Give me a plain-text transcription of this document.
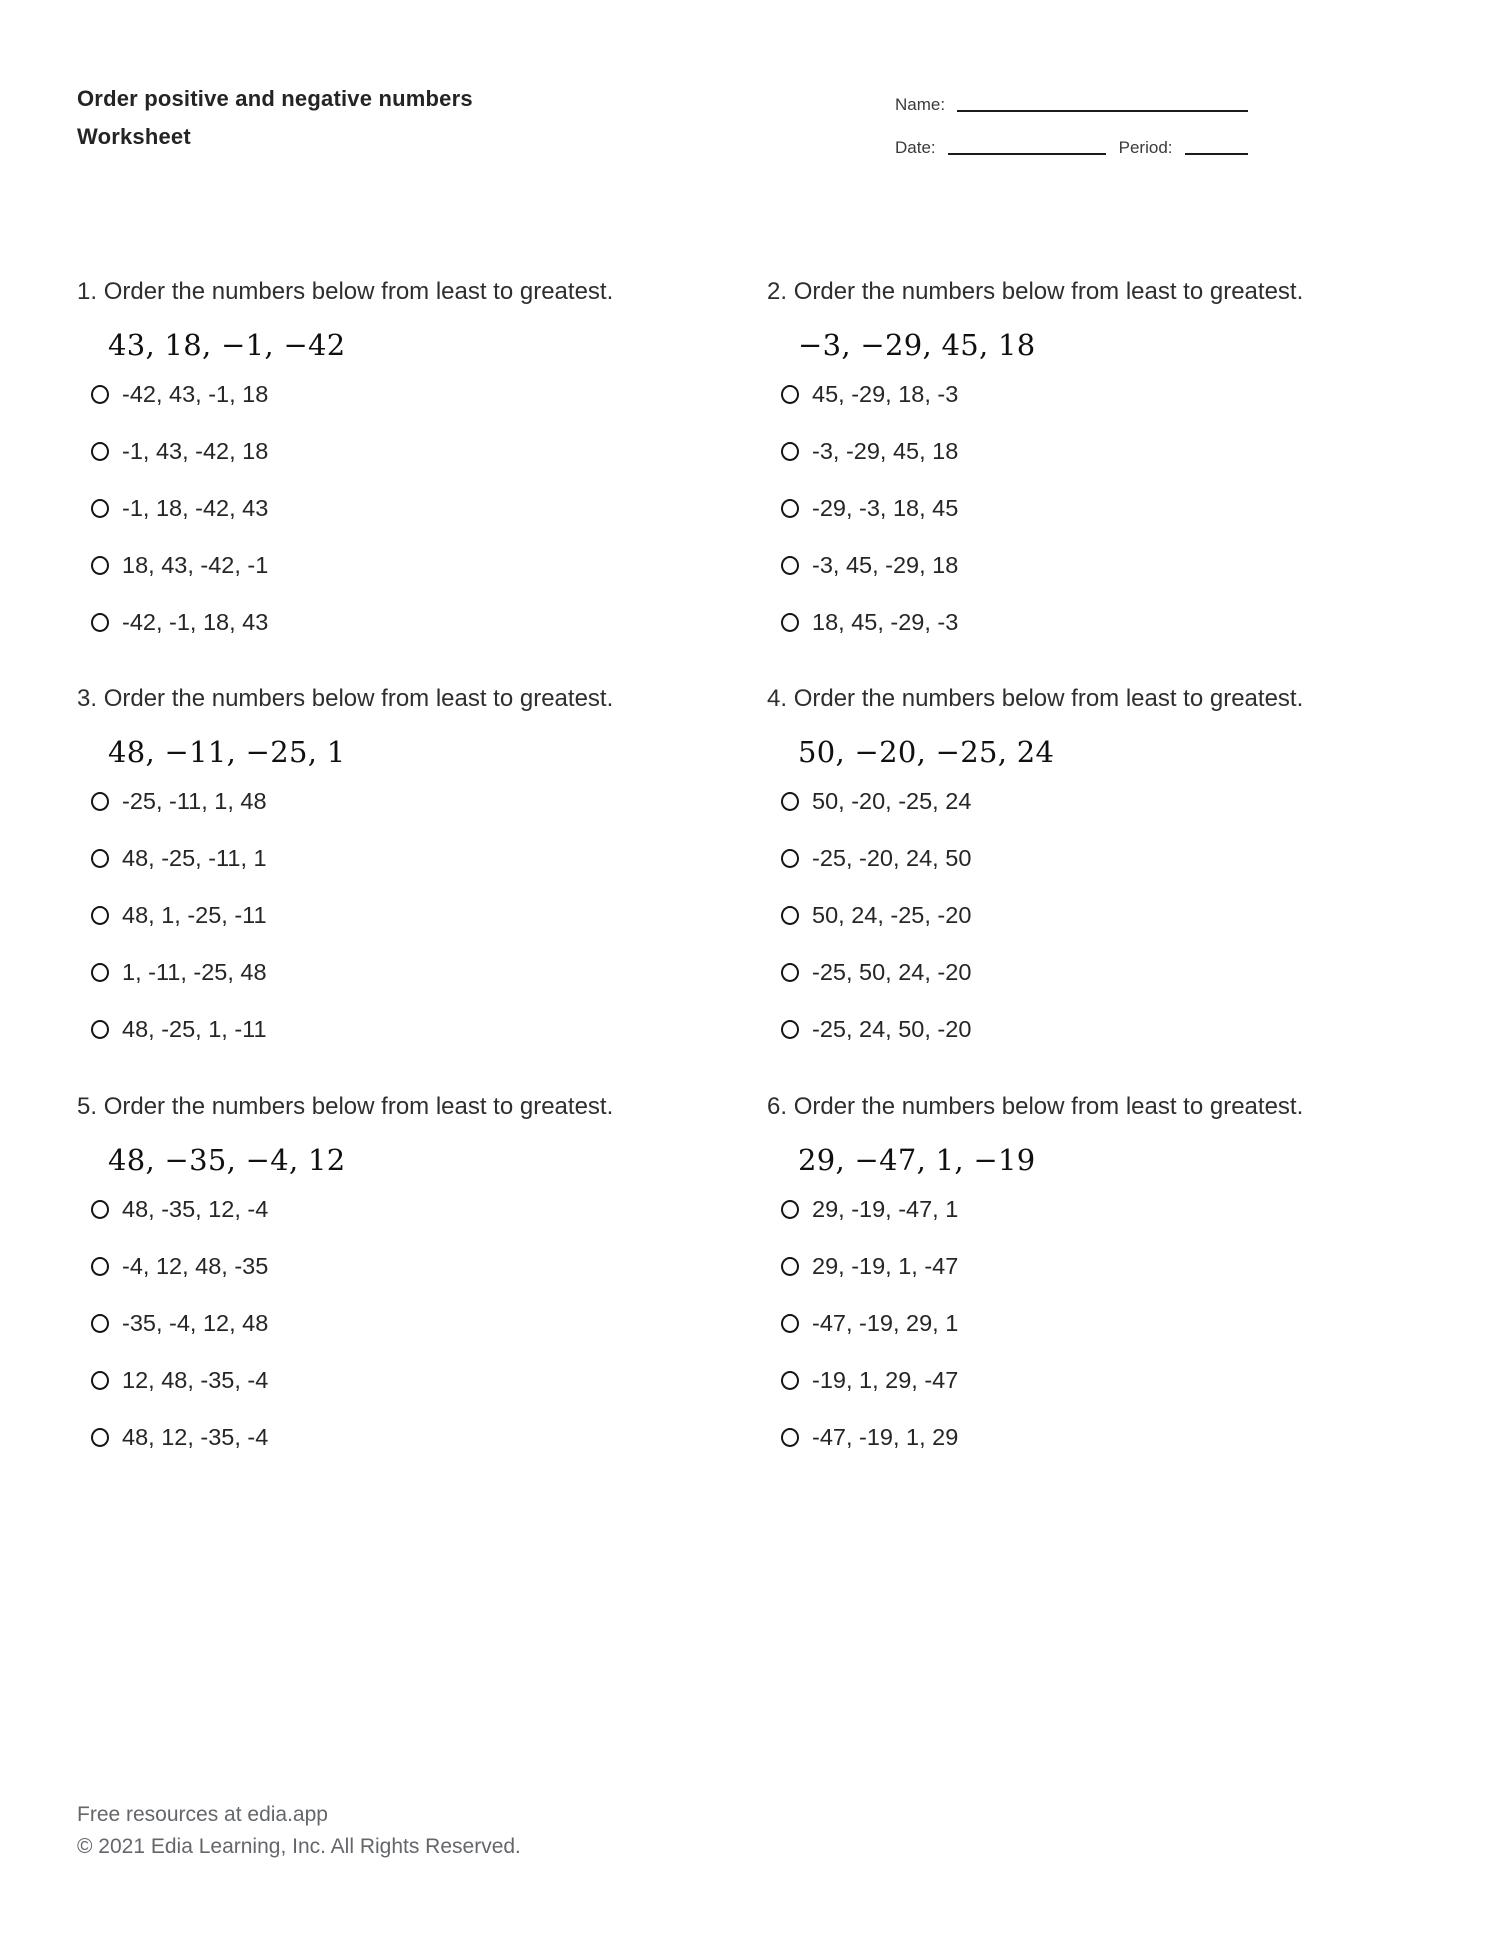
Order positive and negative numbers
Worksheet
Name:
Date:	Period:
1. Order the numbers below from least to greatest.
43, 18, −1, −42
-42, 43, -1, 18
-1, 43, -42, 18
-1, 18, -42, 43
18, 43, -42, -1
-42, -1, 18, 43
2. Order the numbers below from least to greatest.
−3, −29, 45, 18
45, -29, 18, -3
-3, -29, 45, 18
-29, -3, 18, 45
-3, 45, -29, 18
18, 45, -29, -3
3. Order the numbers below from least to greatest.
48, −11, −25, 1
-25, -11, 1, 48
48, -25, -11, 1
48, 1, -25, -11
1, -11, -25, 48
48, -25, 1, -11
4. Order the numbers below from least to greatest.
50, −20, −25, 24
50, -20, -25, 24
-25, -20, 24, 50
50, 24, -25, -20
-25, 50, 24, -20
-25, 24, 50, -20
5. Order the numbers below from least to greatest.
48, −35, −4, 12
48, -35, 12, -4
-4, 12, 48, -35
-35, -4, 12, 48
12, 48, -35, -4
48, 12, -35, -4
6. Order the numbers below from least to greatest.
29, −47, 1, −19
29, -19, -47, 1
29, -19, 1, -47
-47, -19, 29, 1
-19, 1, 29, -47
-47, -19, 1, 29
Free resources at edia.app
© 2021 Edia Learning, Inc. All Rights Reserved.
